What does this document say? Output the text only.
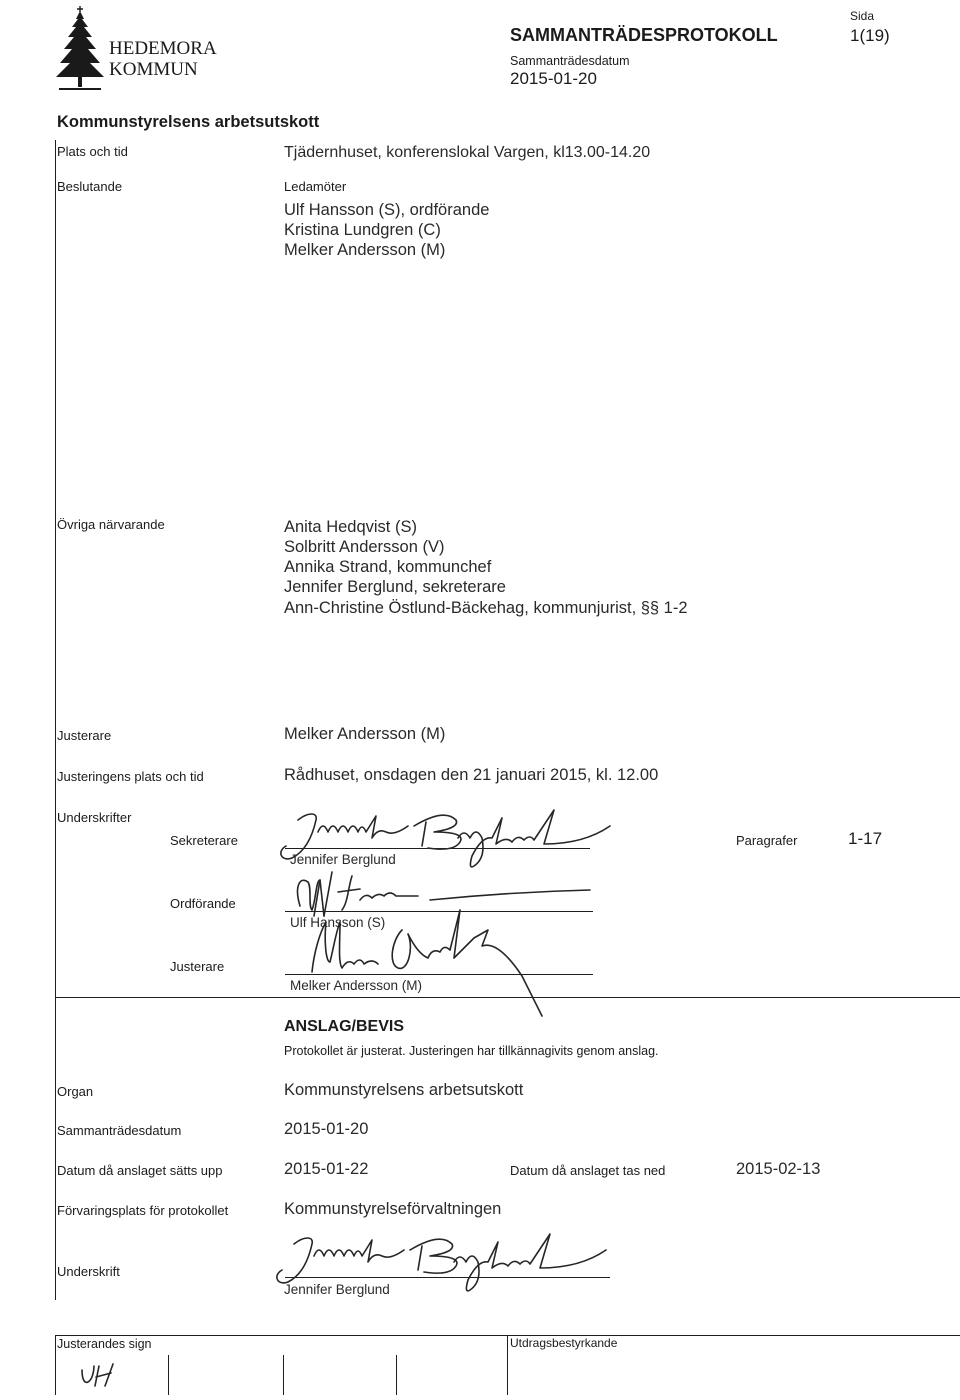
HEDEMORA
KOMMUN
SAMMANTRÄDESPROTOKOLL
Sammanträdesdatum
2015-01-20
Sida
1(19)
Kommunstyrelsens arbetsutskott
Plats och tid	Tjädernhuset, konferenslokal Vargen, kl13.00-14.20
Beslutande	Ledamöter
Ulf Hansson (S), ordförande
Kristina Lundgren (C)
Melker Andersson (M)
Övriga närvarande	Anita Hedqvist (S)
Solbritt Andersson (V)
Annika Strand, kommunchef
Jennifer Berglund, sekreterare
Ann-Christine Östlund-Bäckehag, kommunjurist, §§ 1-2
Justerare	Melker Andersson (M)
Justeringens plats och tid	Rådhuset, onsdagen den 21 januari 2015, kl. 12.00
Underskrifter
Sekreterare
Jennifer Berglund
Paragrafer	1-17
Ordförande
Ulf Hansson (S)
Justerare
Melker Andersson (M)
ANSLAG/BEVIS
Protokollet är justerat. Justeringen har tillkännagivits genom anslag.
Organ	Kommunstyrelsens arbetsutskott
Sammanträdesdatum	2015-01-20
Datum då anslaget sätts upp	2015-01-22	Datum då anslaget tas ned	2015-02-13
Förvaringsplats för protokollet	Kommunstyrelseförvaltningen
Underskrift
Jennifer Berglund
Justerandes sign	Utdragsbestyrkande
